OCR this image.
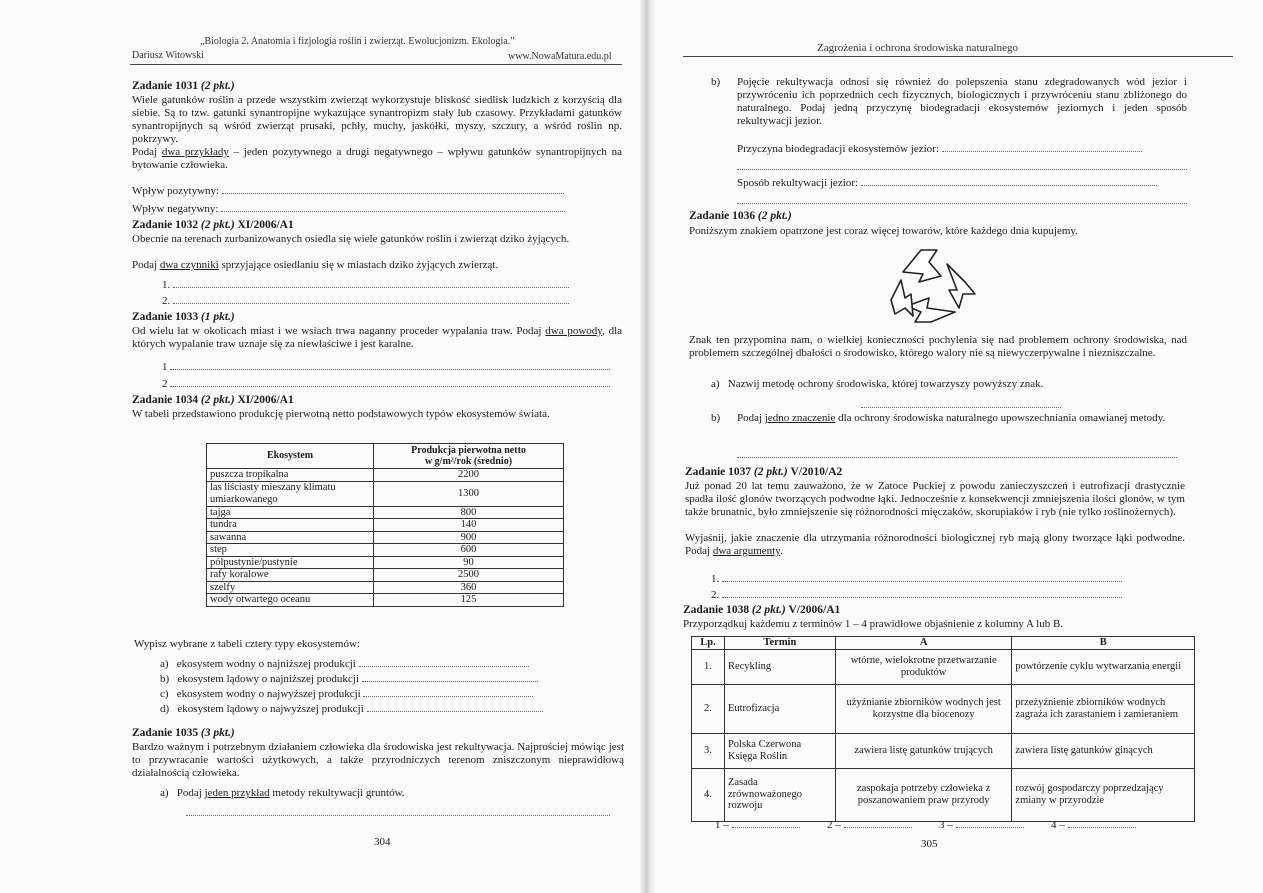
„Biologia 2. Anatomia i fizjologia roślin i zwierząt. Ewolucjonizm. Ekologia.”
Dariusz Witowski	www.NowaMatura.edu.pl
Zadanie 1031 (2 pkt.)
Wiele gatunków roślin a przede wszystkim zwierząt wykorzystuje bliskość siedlisk ludzkich z korzyścią dla siebie. Są to tzw. gatunki synantropijne wykazujące synantropizm stały lub czasowy. Przykładami gatunków synantropijnych są wśród zwierząt prusaki, pchły, muchy, jaskółki, myszy, szczury, a wśród roślin np. pokrzywy.
Podaj dwa przykłady – jeden pozytywnego a drugi negatywnego – wpływu gatunków synantropijnych na bytowanie człowieka.
Wpływ pozytywny:
Wpływ negatywny:
Zadanie 1032 (2 pkt.) XI/2006/A1
Obecnie na terenach zurbanizowanych osiedla się wiele gatunków roślin i zwierząt dziko żyjących.
Podaj dwa czynniki sprzyjające osiedlaniu się w miastach dziko żyjących zwierząt.
1.
2.
Zadanie 1033 (1 pkt.)
Od wielu lat w okolicach miast i we wsiach trwa naganny proceder wypalania traw. Podaj dwa powody, dla których wypalanie traw uznaje się za niewłaściwe i jest karalne.
1
2
Zadanie 1034 (2 pkt.) XI/2006/A1
W tabeli przedstawiono produkcję pierwotną netto podstawowych typów ekosystemów świata.
Ekosystem	Produkcja pierwotna netto
w g/m²/rok (średnio)
puszcza tropikalna	2200
las liściasty mieszany klimatu umiarkowanego	1300
tajga	800
tundra	140
sawanna	900
step	600
półpustynie/pustynie	90
rafy koralowe	2500
szelfy	360
wody otwartego oceanu	125
Wypisz wybrane z tabeli cztery typy ekosystemów:
a) ekosystem wodny o najniższej produkcji
b) ekosystem lądowy o najniższej produkcji
c) ekosystem wodny o najwyższej produkcji
d) ekosystem lądowy o najwyższej produkcji
Zadanie 1035 (3 pkt.)
Bardzo ważnym i potrzebnym działaniem człowieka dla środowiska jest rekultywacja. Najprościej mówiąc jest to przywracanie wartości użytkowych, a także przyrodniczych terenom zniszczonym nieprawidłową działalnością człowieka.
a) Podaj jeden przykład metody rekultywacji gruntów.
304
Zagrożenia i ochrona środowiska naturalnego
b) Pojęcie rekultywacja odnosi się również do polepszenia stanu zdegradowanych wód jezior i przywróceniu ich poprzednich cech fizycznych, biologicznych i przywróceniu stanu zbliżonego do naturalnego. Podaj jedną przyczynę biodegradacji ekosystemów jeziornych i jeden sposób rekultywacji jezior.
Przyczyna biodegradacji ekosystemów jezior:
Sposób rekultywacji jezior:
Zadanie 1036 (2 pkt.)
Poniższym znakiem opatrzone jest coraz więcej towarów, które każdego dnia kupujemy.
Znak ten przypomina nam, o wielkiej konieczności pochylenia się nad problemem ochrony środowiska, nad problemem szczególnej dbałości o środowisko, którego walory nie są niewyczerpywalne i niezniszczalne.
a) Nazwij metodę ochrony środowiska, której towarzyszy powyższy znak.
b) Podaj jedno znaczenie dla ochrony środowiska naturalnego upowszechniania omawianej metody.
Zadanie 1037 (2 pkt.) V/2010/A2
Już ponad 20 lat temu zauważono, że w Zatoce Puckiej z powodu zanieczyszczeń i eutrofizacji drastycznie spadła ilość glonów tworzących podwodne łąki. Jednocześnie z konsekwencji zmniejszenia ilości glonów, w tym także brunatnic, było zmniejszenie się różnorodności mięczaków, skorupiaków i ryb (nie tylko roślinożernych).
Wyjaśnij, jakie znaczenie dla utrzymania różnorodności biologicznej ryb mają glony tworzące łąki podwodne. Podaj dwa argumenty.
1.
2.
Zadanie 1038 (2 pkt.) V/2006/A1
Przyporządkuj każdemu z terminów 1 – 4 prawidłowe objaśnienie z kolumny A lub B.
Lp.	Termin	A	B
1.	Recykling	wtórne, wielokrotne przetwarzanie produktów	powtórzenie cyklu wytwarzania energii
2.	Eutrofizacja	użyźnianie zbiorników wodnych jest korzystne dla biocenozy	przeżyźnienie zbiorników wodnych zagraża ich zarastaniem i zamieraniem
3.	Polska Czerwona Księga Roślin	zawiera listę gatunków trujących	zawiera listę gatunków ginących
4.	Zasada zrównoważonego rozwoju	zaspokaja potrzeby człowieka z poszanowaniem praw przyrody	rozwój gospodarczy poprzedzający zmiany w przyrodzie
1 –	2 –	3 –	4 –
305
